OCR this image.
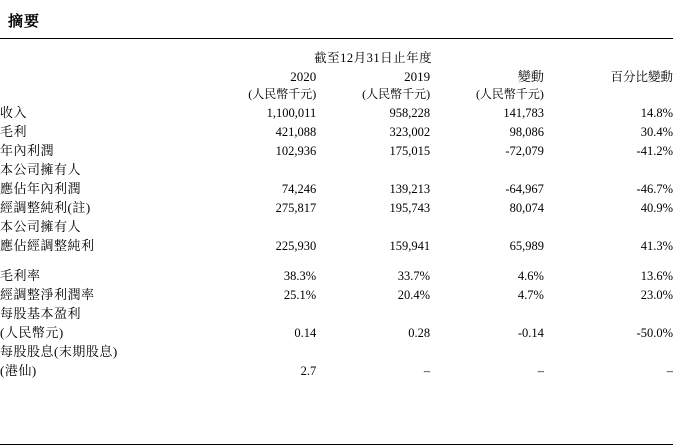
摘要
	截至12月31日止年度			
	2020	2019	變動	百分比變動
	(人民幣千元)	(人民幣千元)	(人民幣千元)	
收入	1,100,011	958,228	141,783	14.8%
毛利	421,088	323,002	98,086	30.4%
年內利潤	102,936	175,015	-72,079	-41.2%
本公司擁有人				
應佔年內利潤	74,246	139,213	-64,967	-46.7%
經調整純利(註)	275,817	195,743	80,074	40.9%
本公司擁有人				
應佔經調整純利	225,930	159,941	65,989	41.3%

毛利率	38.3%	33.7%	4.6%	13.6%
經調整淨利潤率	25.1%	20.4%	4.7%	23.0%
每股基本盈利				
(人民幣元)	0.14	0.28	-0.14	-50.0%
每股股息(末期股息)				
(港仙)	2.7	–	–	–
